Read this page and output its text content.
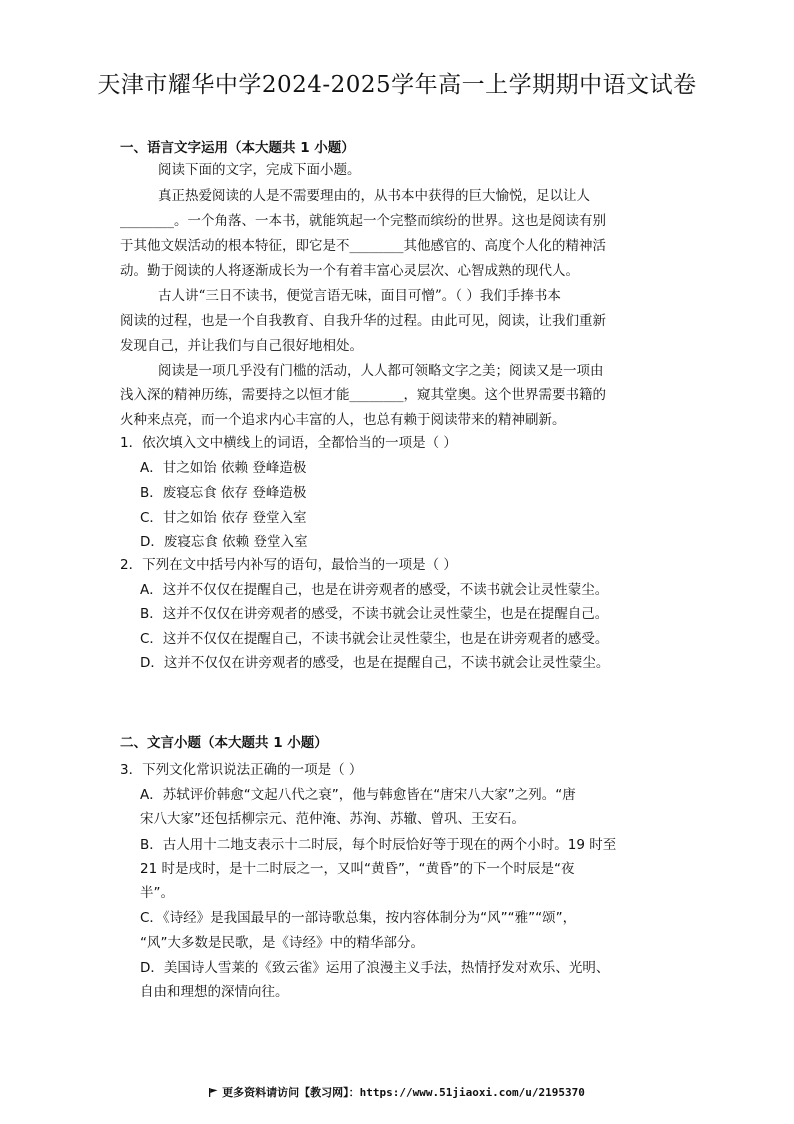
天津市耀华中学2024-2025学年高一上学期期中语文试卷
一、语言文字运用（本大题共 1 小题）
阅读下面的文字，完成下面小题。
真正热爱阅读的人是不需要理由的，从书本中获得的巨大愉悦，足以让人
________。一个角落、一本书，就能筑起一个完整而缤纷的世界。这也是阅读有别
于其他文娱活动的根本特征，即它是不________其他感官的、高度个人化的精神活
动。勤于阅读的人将逐渐成长为一个有着丰富心灵层次、心智成熟的现代人。
古人讲“三日不读书，便觉言语无味，面目可憎”。（ ）我们手捧书本
阅读的过程，也是一个自我教育、自我升华的过程。由此可见，阅读，让我们重新
发现自己，并让我们与自己很好地相处。
阅读是一项几乎没有门槛的活动，人人都可领略文字之美；阅读又是一项由
浅入深的精神历练，需要持之以恒才能________，窥其堂奥。这个世界需要书籍的
火种来点亮，而一个追求内心丰富的人，也总有赖于阅读带来的精神刷新。
1．依次填入文中横线上的词语，全都恰当的一项是（ ）
A．甘之如饴 依赖 登峰造极
B．废寝忘食 依存 登峰造极
C．甘之如饴 依存 登堂入室
D．废寝忘食 依赖 登堂入室
2．下列在文中括号内补写的语句，最恰当的一项是（ ）
A．这并不仅仅在提醒自己，也是在讲旁观者的感受，不读书就会让灵性蒙尘。
B．这并不仅仅在讲旁观者的感受，不读书就会让灵性蒙尘，也是在提醒自己。
C．这并不仅仅在提醒自己，不读书就会让灵性蒙尘，也是在讲旁观者的感受。
D．这并不仅仅在讲旁观者的感受，也是在提醒自己，不读书就会让灵性蒙尘。
二、文言小题（本大题共 1 小题）
3．下列文化常识说法正确的一项是（ ）
A．苏轼评价韩愈“文起八代之衰”，他与韩愈皆在“唐宋八大家”之列。“唐
宋八大家”还包括柳宗元、范仲淹、苏洵、苏辙、曾巩、王安石。
B．古人用十二地支表示十二时辰，每个时辰恰好等于现在的两个小时。19 时至
21 时是戌时，是十二时辰之一，又叫“黄昏”，“黄昏”的下一个时辰是“夜
半”。
C．《诗经》是我国最早的一部诗歌总集，按内容体制分为“风”“雅”“颂”，
“风”大多数是民歌，是《诗经》中的精华部分。
D．美国诗人雪莱的《致云雀》运用了浪漫主义手法，热情抒发对欢乐、光明、
自由和理想的深情向往。
更多资料请访问【教习网】：https://www.51jiaoxi.com/u/2195370
